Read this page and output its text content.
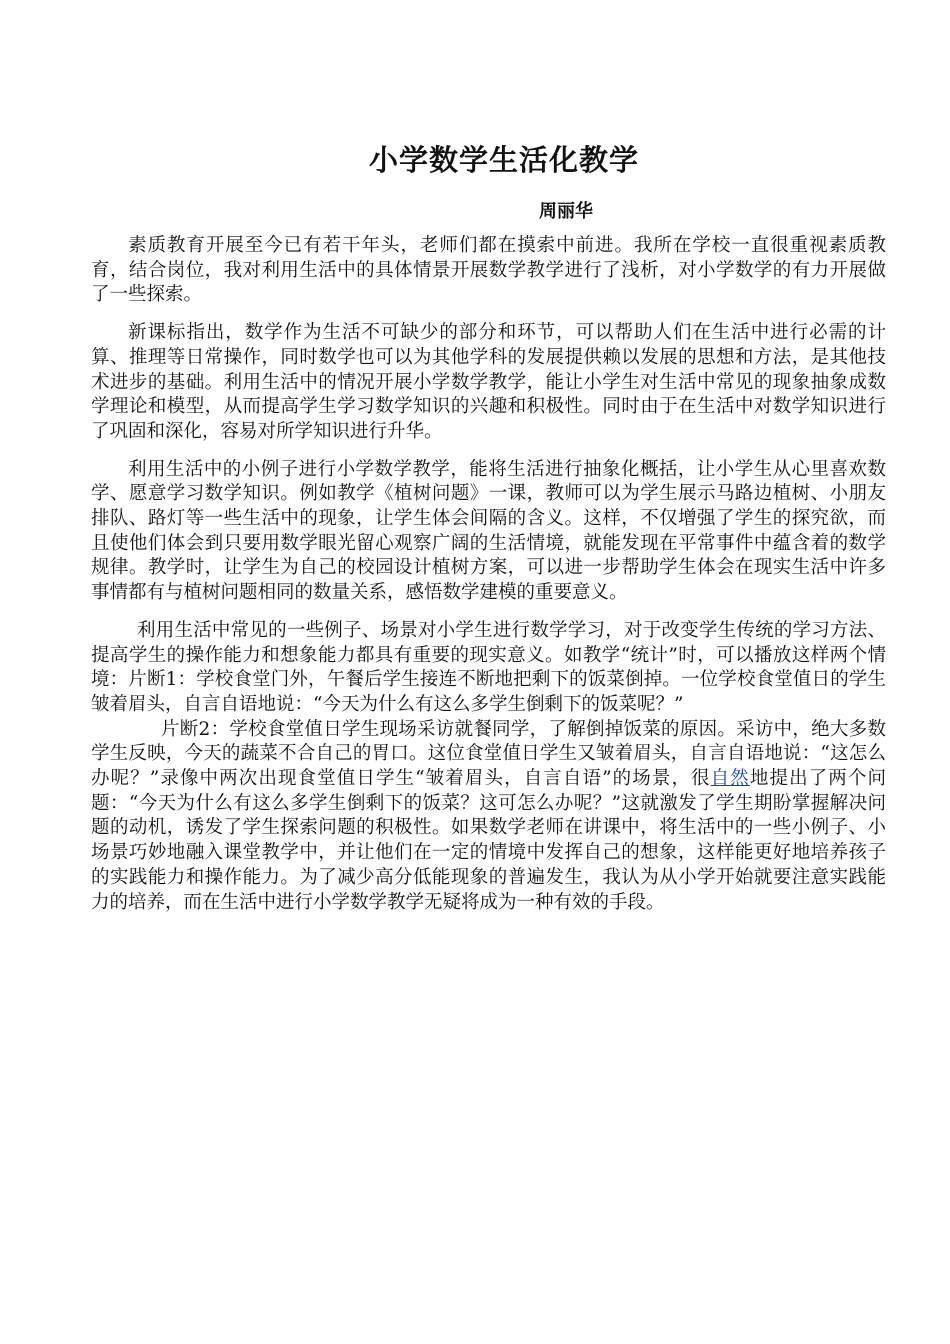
小学数学生活化教学
周丽华

素质教育开展至今已有若干年头，老师们都在摸索中前进。我所在学校一直很重视素质教育，结合岗位，我对利用生活中的具体情景开展数学教学进行了浅析，对小学数学的有力开展做了一些探索。

新课标指出，数学作为生活不可缺少的部分和环节，可以帮助人们在生活中进行必需的计算、推理等日常操作，同时数学也可以为其他学科的发展提供赖以发展的思想和方法，是其他技术进步的基础。利用生活中的情况开展小学数学教学，能让小学生对生活中常见的现象抽象成数学理论和模型，从而提高学生学习数学知识的兴趣和积极性。同时由于在生活中对数学知识进行了巩固和深化，容易对所学知识进行升华。

利用生活中的小例子进行小学数学教学，能将生活进行抽象化概括，让小学生从心里喜欢数学、愿意学习数学知识。例如教学《植树问题》一课，教师可以为学生展示马路边植树、小朋友排队、路灯等一些生活中的现象，让学生体会间隔的含义。这样，不仅增强了学生的探究欲，而且使他们体会到只要用数学眼光留心观察广阔的生活情境，就能发现在平常事件中蕴含着的数学规律。教学时，让学生为自己的校园设计植树方案，可以进一步帮助学生体会在现实生活中许多事情都有与植树问题相同的数量关系，感悟数学建模的重要意义。

利用生活中常见的一些例子、场景对小学生进行数学学习，对于改变学生传统的学习方法、提高学生的操作能力和想象能力都具有重要的现实意义。如教学“统计”时，可以播放这样两个情境：片断1：学校食堂门外，午餐后学生接连不断地把剩下的饭菜倒掉。一位学校食堂值日的学生皱着眉头，自言自语地说：“今天为什么有这么多学生倒剩下的饭菜呢？”

片断2：学校食堂值日学生现场采访就餐同学，了解倒掉饭菜的原因。采访中，绝大多数学生反映，今天的蔬菜不合自己的胃口。这位食堂值日学生又皱着眉头，自言自语地说：“这怎么办呢？”录像中两次出现食堂值日学生“皱着眉头，自言自语”的场景，很自然地提出了两个问题：“今天为什么有这么多学生倒剩下的饭菜？这可怎么办呢？”这就激发了学生期盼掌握解决问题的动机，诱发了学生探索问题的积极性。如果数学老师在讲课中，将生活中的一些小例子、小场景巧妙地融入课堂教学中，并让他们在一定的情境中发挥自己的想象，这样能更好地培养孩子的实践能力和操作能力。为了减少高分低能现象的普遍发生，我认为从小学开始就要注意实践能力的培养，而在生活中进行小学数学教学无疑将成为一种有效的手段。
